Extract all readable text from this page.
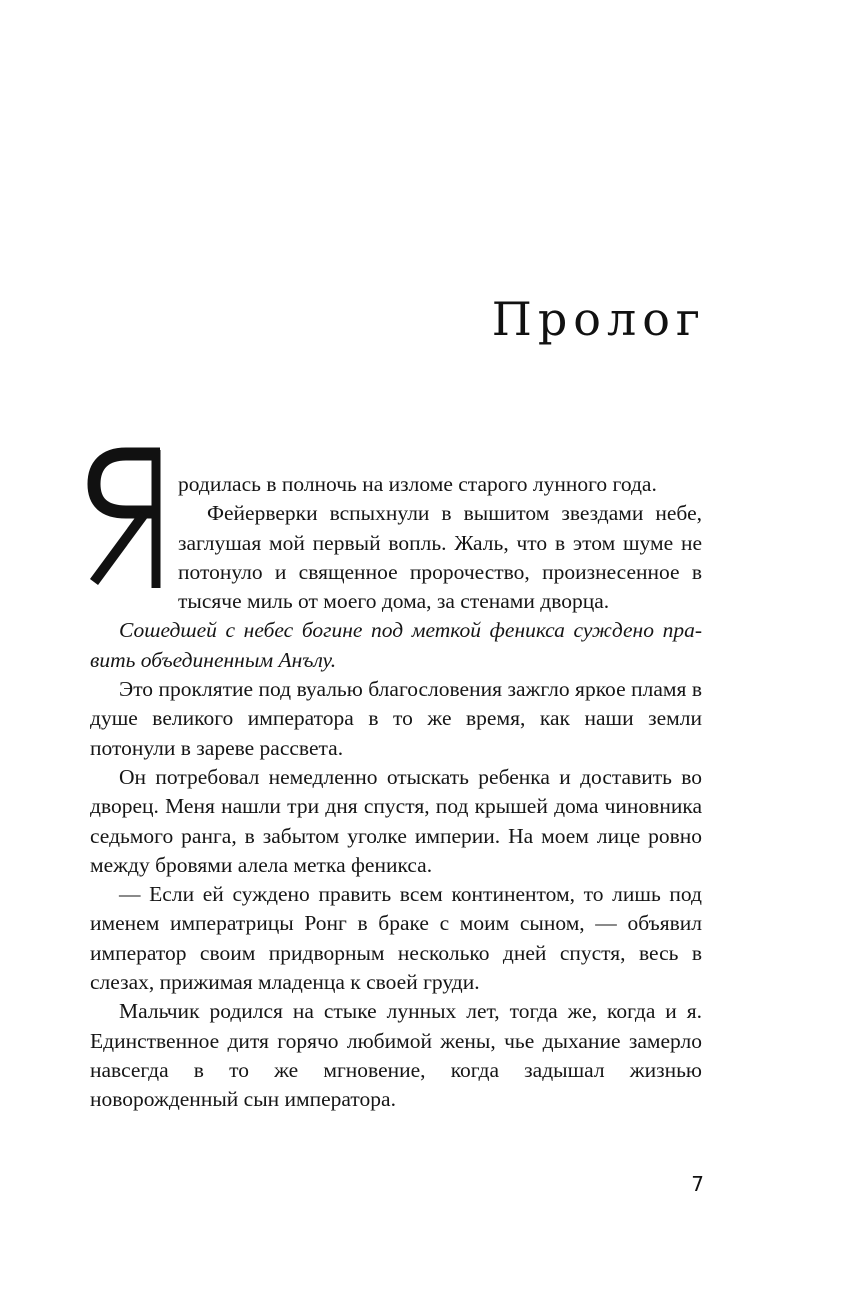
Пролог

родилась в полночь на изломе старого лунного года.

Фейерверки вспыхнули в вышитом звездами небе, заглушая мой первый вопль. Жаль, что в этом шуме не потонуло и священное пророчество, произнесенное в тысяче миль от моего дома, за стенами дворца.

Сошедшей с небес богине под меткой феникса суждено править объединенным Анълу.

Это проклятие под вуалью благословения зажгло яркое пламя в душе великого императора в то же время, как наши земли потонули в зареве рассвета.

Он потребовал немедленно отыскать ребенка и доставить во дворец. Меня нашли три дня спустя, под крышей дома чиновника седьмого ранга, в забытом уголке империи. На моем лице ровно между бровями алела метка феникса.

— Если ей суждено править всем континентом, то лишь под именем императрицы Ронг в браке с моим сыном, — объявил император своим придворным несколько дней спустя, весь в слезах, прижимая младенца к своей груди.

Мальчик родился на стыке лунных лет, тогда же, когда и я. Единственное дитя горячо любимой жены, чье дыхание замерло навсегда в то же мгновение, когда задышал жизнью новорожденный сын императора.

7
